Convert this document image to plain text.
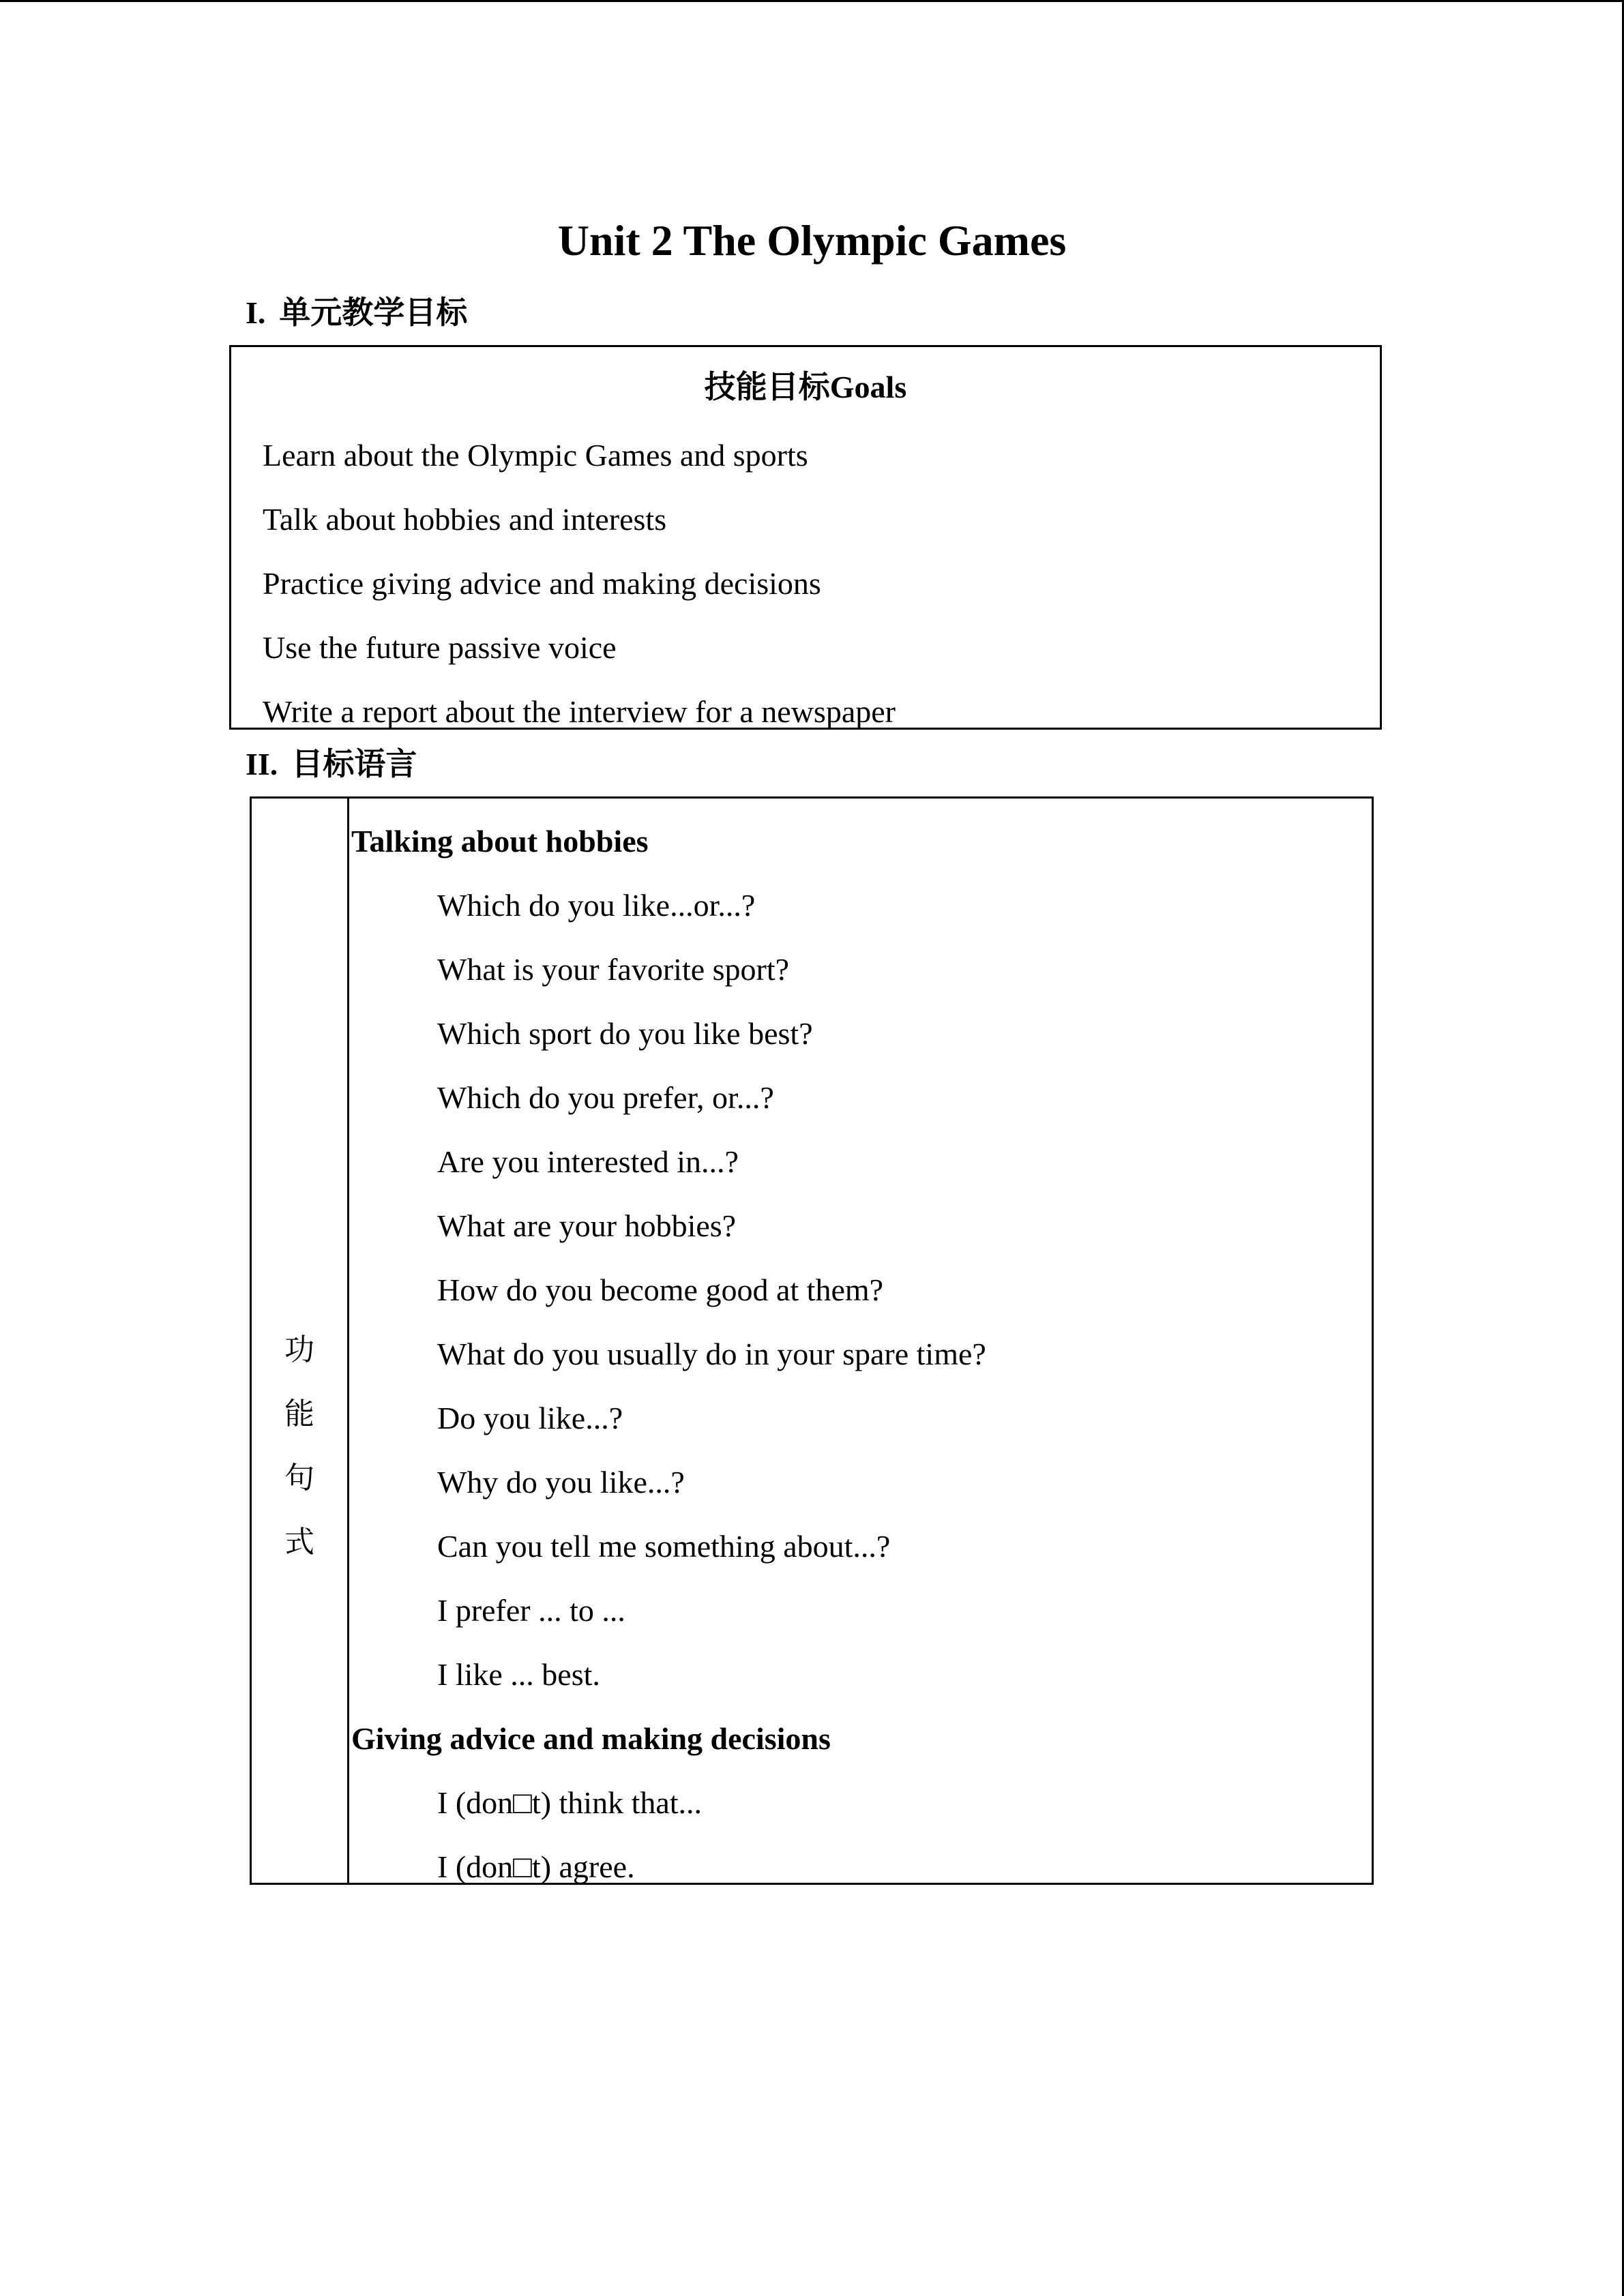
Unit 2 The Olympic Games
I. 单元教学目标
技能目标Goals
Learn about the Olympic Games and sports
Talk about hobbies and interests
Practice giving advice and making decisions
Use the future passive voice
Write a report about the interview for a newspaper
II. 目标语言
功
能
句
式
Talking about hobbies
Which do you like...or...?
What is your favorite sport?
Which sport do you like best?
Which do you prefer, or...?
Are you interested in...?
What are your hobbies?
How do you become good at them?
What do you usually do in your spare time?
Do you like...?
Why do you like...?
Can you tell me something about...?
I prefer ... to ...
I like ... best.
Giving advice and making decisions
I (don□t) think that...
I (don□t) agree.
